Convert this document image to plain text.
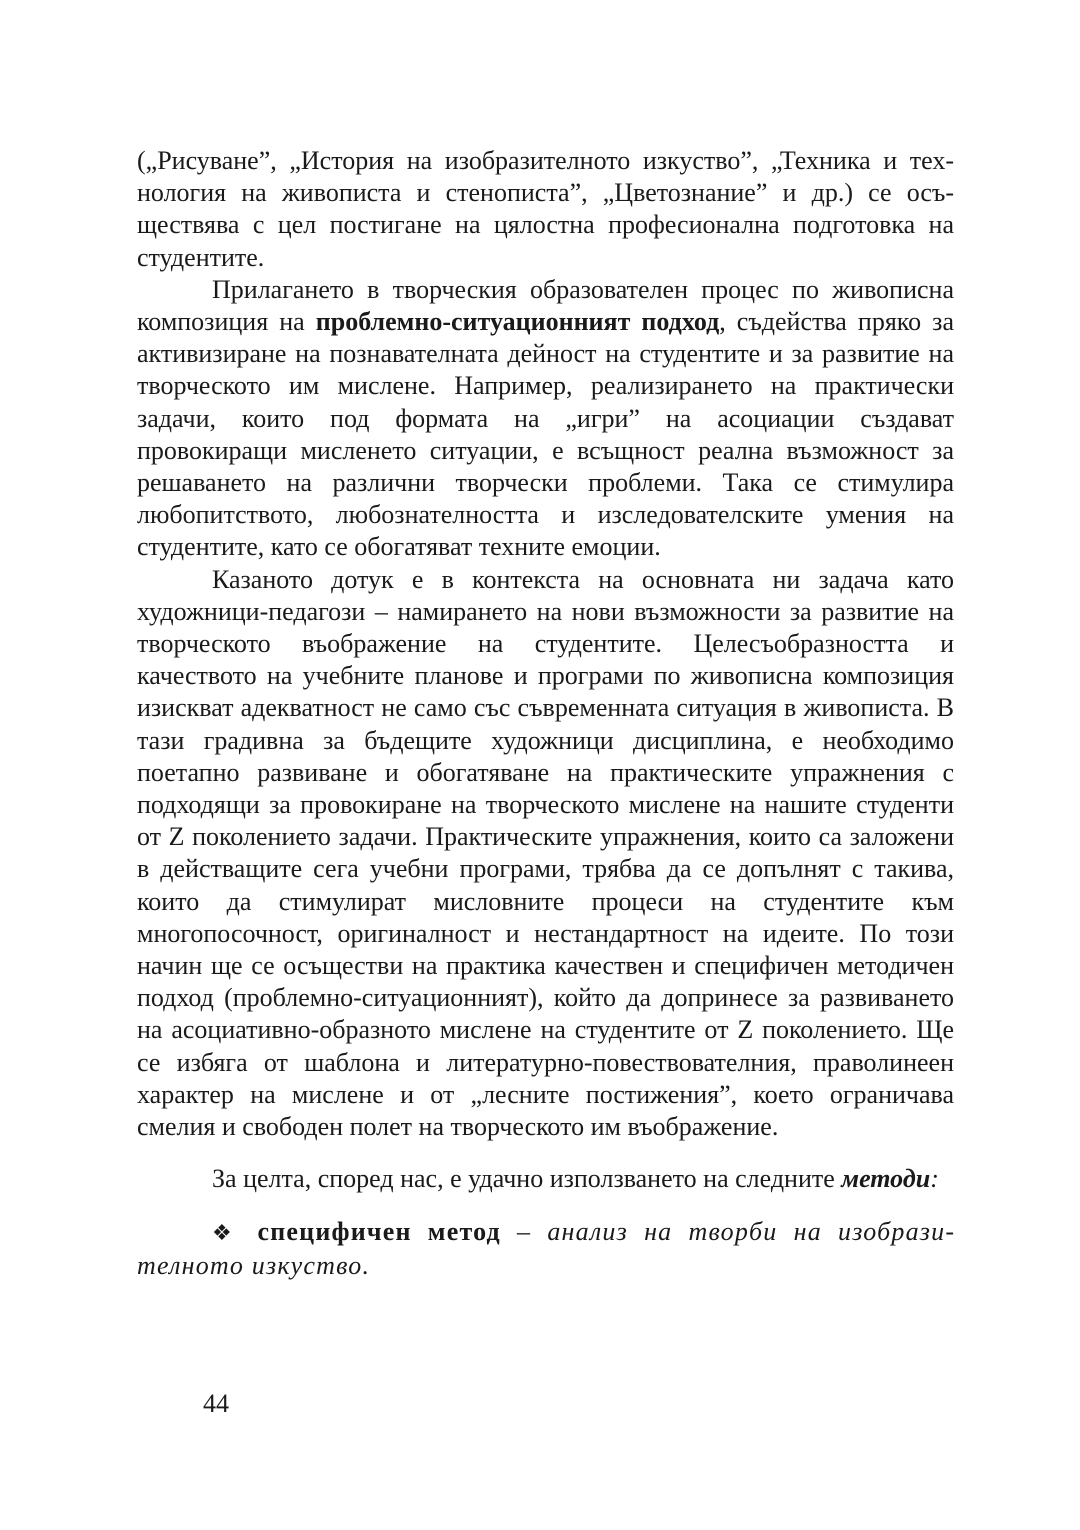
(„Рисуване”, „История на изобразителното изкуство”, „Техника и технология на живописта и стенописта”, „Цветознание” и др.) се осъществява с цел постигане на цялостна професионална подготовка на студентите.

Прилагането в творческия образователен процес по живописна композиция на проблемно-ситуационният подход, съдейства пряко за активизиране на познавателната дейност на студентите и за развитие на творческото им мислене. Например, реализирането на практически задачи, които под формата на „игри” на асоциации създават провокиращи мисленето ситуации, е всъщност реална възможност за решаването на различни творчески проблеми. Така се стимулира любопитството, любознателността и изследователските умения на студентите, като се обогатяват техните емоции.

Казаното дотук е в контекста на основната ни задача като художници-педагози – намирането на нови възможности за развитие на творческото въображение на студентите. Целесъобразността и качеството на учебните планове и програми по живописна композиция изискват адекватност не само със съвременната ситуация в живописта. В тази градивна за бъдещите художници дисциплина, е необходимо поетапно развиване и обогатяване на практическите упражнения с подходящи за провокиране на творческото мислене на нашите студенти от Z поколението задачи. Практическите упражнения, които са заложени в действащите сега учебни програми, трябва да се допълнят с такива, които да стимулират мисловните процеси на студентите към многопосочност, оригиналност и нестандартност на идеите. По този начин ще се осъществи на практика качествен и специфичен методичен подход (проблемно-ситуационният), който да допринесе за развиването на асоциативно-образното мислене на студентите от Z поколението. Ще се избяга от шаблона и литературно-повествователния, праволинеен характер на мислене и от „лесните постижения”, което ограничава смелия и свободен полет на творческото им въображение.

За целта, според нас, е удачно използването на следните методи:

❖ специфичен метод – анализ на творби на изобразителното изкуство.

44
